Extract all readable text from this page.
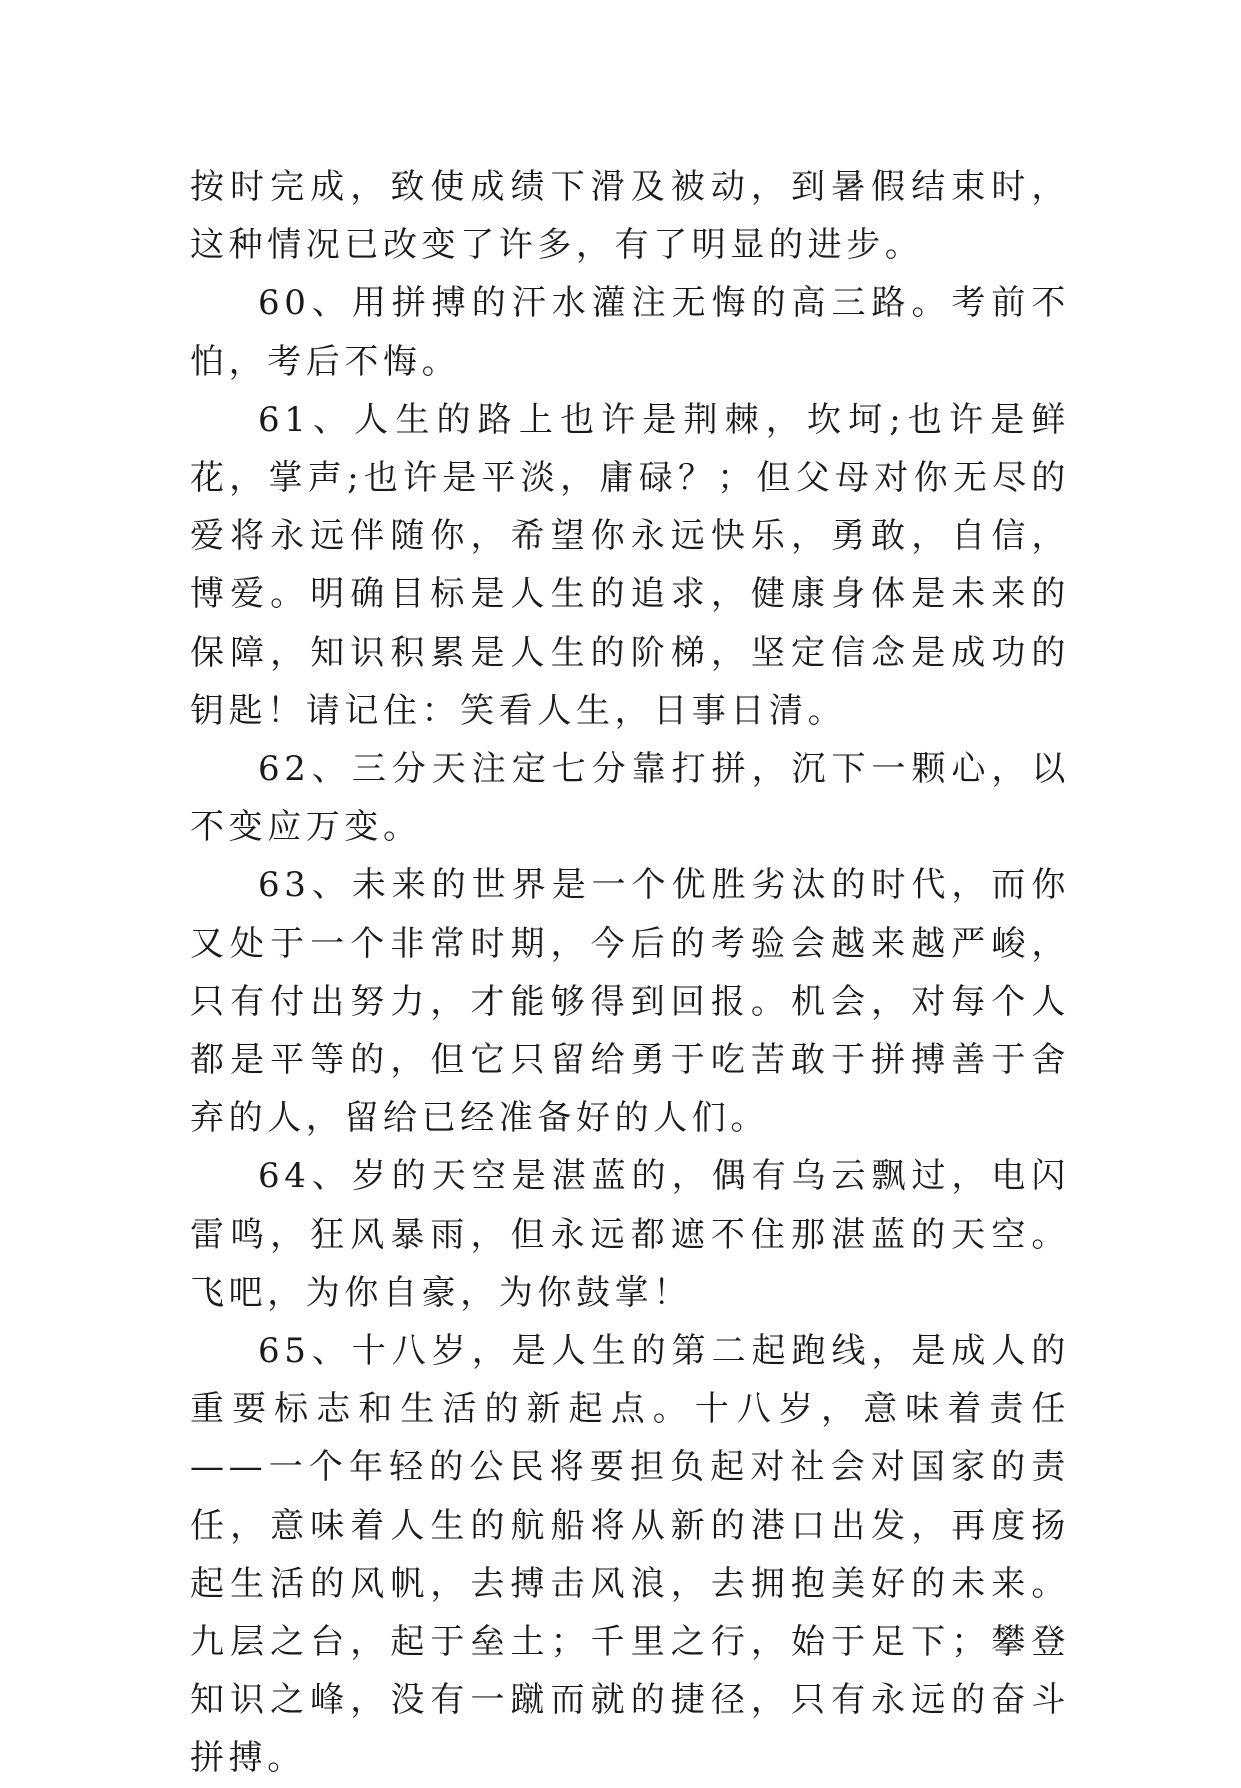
按时完成，致使成绩下滑及被动，到暑假结束时，这种情况已改变了许多，有了明显的进步。

60、用拼搏的汗水灌注无悔的高三路。考前不怕，考后不悔。

61、人生的路上也许是荆棘，坎坷;也许是鲜花，掌声;也许是平淡，庸碌？；但父母对你无尽的爱将永远伴随你，希望你永远快乐，勇敢，自信，博爱。明确目标是人生的追求，健康身体是未来的保障，知识积累是人生的阶梯，坚定信念是成功的钥匙！请记住：笑看人生，日事日清。

62、三分天注定七分靠打拼，沉下一颗心，以不变应万变。

63、未来的世界是一个优胜劣汰的时代，而你又处于一个非常时期，今后的考验会越来越严峻，只有付出努力，才能够得到回报。机会，对每个人都是平等的，但它只留给勇于吃苦敢于拼搏善于舍弃的人，留给已经准备好的人们。

64、岁的天空是湛蓝的，偶有乌云飘过，电闪雷鸣，狂风暴雨，但永远都遮不住那湛蓝的天空。飞吧，为你自豪，为你鼓掌！

65、十八岁，是人生的第二起跑线，是成人的重要标志和生活的新起点。十八岁，意味着责任——一个年轻的公民将要担负起对社会对国家的责任，意味着人生的航船将从新的港口出发，再度扬起生活的风帆，去搏击风浪，去拥抱美好的未来。九层之台，起于垒土；千里之行，始于足下；攀登知识之峰，没有一蹴而就的捷径，只有永远的奋斗拼搏。
